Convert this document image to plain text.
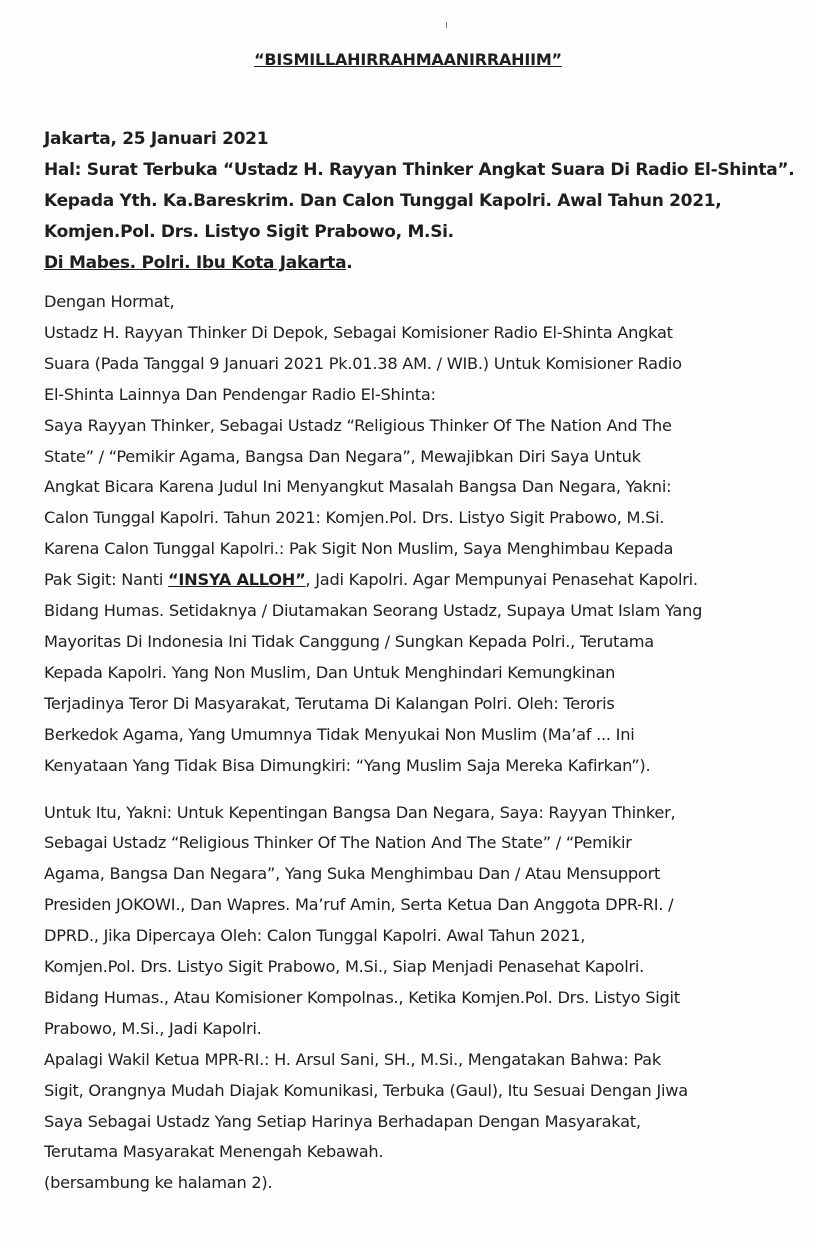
“BISMILLAHIRRAHMAANIRRAHIIM”
Jakarta, 25 Januari 2021
Hal: Surat Terbuka “Ustadz H. Rayyan Thinker Angkat Suara Di Radio El-Shinta”.
Kepada Yth. Ka.Bareskrim. Dan Calon Tunggal Kapolri. Awal Tahun 2021,
Komjen.Pol. Drs. Listyo Sigit Prabowo, M.Si.
Di Mabes. Polri. Ibu Kota Jakarta.
Dengan Hormat,
Ustadz H. Rayyan Thinker Di Depok, Sebagai Komisioner Radio El-Shinta Angkat
Suara (Pada Tanggal 9 Januari 2021 Pk.01.38 AM. / WIB.) Untuk Komisioner Radio
El-Shinta Lainnya Dan Pendengar Radio El-Shinta:
Saya Rayyan Thinker, Sebagai Ustadz “Religious Thinker Of The Nation And The
State” / “Pemikir Agama, Bangsa Dan Negara”, Mewajibkan Diri Saya Untuk
Angkat Bicara Karena Judul Ini Menyangkut Masalah Bangsa Dan Negara, Yakni:
Calon Tunggal Kapolri. Tahun 2021: Komjen.Pol. Drs. Listyo Sigit Prabowo, M.Si.
Karena Calon Tunggal Kapolri.: Pak Sigit Non Muslim, Saya Menghimbau Kepada
Pak Sigit: Nanti “INSYA ALLOH”, Jadi Kapolri. Agar Mempunyai Penasehat Kapolri.
Bidang Humas. Setidaknya / Diutamakan Seorang Ustadz, Supaya Umat Islam Yang
Mayoritas Di Indonesia Ini Tidak Canggung / Sungkan Kepada Polri., Terutama
Kepada Kapolri. Yang Non Muslim, Dan Untuk Menghindari Kemungkinan
Terjadinya Teror Di Masyarakat, Terutama Di Kalangan Polri. Oleh: Teroris
Berkedok Agama, Yang Umumnya Tidak Menyukai Non Muslim (Ma’af ... Ini
Kenyataan Yang Tidak Bisa Dimungkiri: “Yang Muslim Saja Mereka Kafirkan”).
Untuk Itu, Yakni: Untuk Kepentingan Bangsa Dan Negara, Saya: Rayyan Thinker,
Sebagai Ustadz “Religious Thinker Of The Nation And The State” / “Pemikir
Agama, Bangsa Dan Negara”, Yang Suka Menghimbau Dan / Atau Mensupport
Presiden JOKOWI., Dan Wapres. Ma’ruf Amin, Serta Ketua Dan Anggota DPR-RI. /
DPRD., Jika Dipercaya Oleh: Calon Tunggal Kapolri. Awal Tahun 2021,
Komjen.Pol. Drs. Listyo Sigit Prabowo, M.Si., Siap Menjadi Penasehat Kapolri.
Bidang Humas., Atau Komisioner Kompolnas., Ketika Komjen.Pol. Drs. Listyo Sigit
Prabowo, M.Si., Jadi Kapolri.
Apalagi Wakil Ketua MPR-RI.: H. Arsul Sani, SH., M.Si., Mengatakan Bahwa: Pak
Sigit, Orangnya Mudah Diajak Komunikasi, Terbuka (Gaul), Itu Sesuai Dengan Jiwa
Saya Sebagai Ustadz Yang Setiap Harinya Berhadapan Dengan Masyarakat,
Terutama Masyarakat Menengah Kebawah.
(bersambung ke halaman 2).
